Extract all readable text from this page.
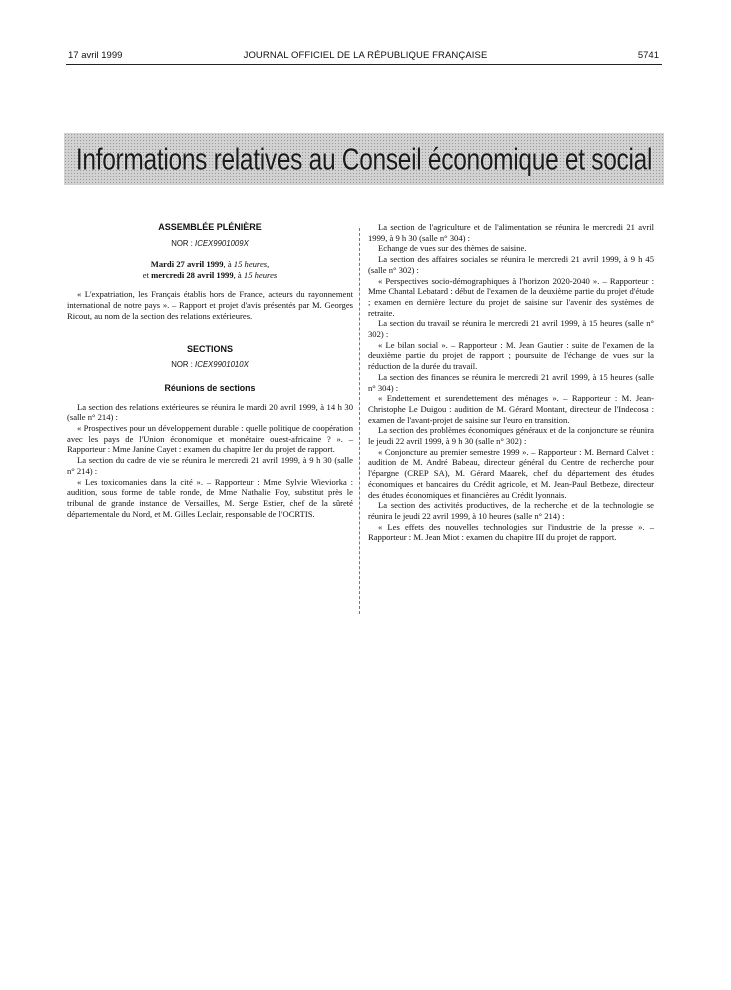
17 avril 1999	JOURNAL OFFICIEL DE LA RÉPUBLIQUE FRANÇAISE	5741
Informations relatives au Conseil économique et social
ASSEMBLÉE PLÉNIÈRE
NOR : ICEX9901009X
Mardi 27 avril 1999, à 15 heures,
et mercredi 28 avril 1999, à 15 heures

« L'expatriation, les Français établis hors de France, acteurs du rayonnement international de notre pays ». – Rapport et projet d'avis présentés par M. Georges Ricout, au nom de la section des relations extérieures.

SECTIONS
NOR : ICEX9901010X
Réunions de sections

La section des relations extérieures se réunira le mardi 20 avril 1999, à 14 h 30 (salle n° 214) :

« Prospectives pour un développement durable : quelle politique de coopération avec les pays de l'Union économique et monétaire ouest-africaine ? ». – Rapporteur : Mme Janine Cayet : examen du chapitre Ier du projet de rapport.

La section du cadre de vie se réunira le mercredi 21 avril 1999, à 9 h 30 (salle n° 214) :

« Les toxicomanies dans la cité ». – Rapporteur : Mme Sylvie Wieviorka : audition, sous forme de table ronde, de Mme Nathalie Foy, substitut près le tribunal de grande instance de Versailles, M. Serge Estier, chef de la sûreté départementale du Nord, et M. Gilles Leclair, responsable de l'OCRTIS.

La section de l'agriculture et de l'alimentation se réunira le mercredi 21 avril 1999, à 9 h 30 (salle n° 304) :

Echange de vues sur des thèmes de saisine.

La section des affaires sociales se réunira le mercredi 21 avril 1999, à 9 h 45 (salle n° 302) :

« Perspectives socio-démographiques à l'horizon 2020-2040 ». – Rapporteur : Mme Chantal Lebatard : début de l'examen de la deuxième partie du projet d'étude ; examen en dernière lecture du projet de saisine sur l'avenir des systèmes de retraite.

La section du travail se réunira le mercredi 21 avril 1999, à 15 heures (salle n° 302) :

« Le bilan social ». – Rapporteur : M. Jean Gautier : suite de l'examen de la deuxième partie du projet de rapport ; poursuite de l'échange de vues sur la réduction de la durée du travail.

La section des finances se réunira le mercredi 21 avril 1999, à 15 heures (salle n° 304) :

« Endettement et surendettement des ménages ». – Rapporteur : M. Jean-Christophe Le Duigou : audition de M. Gérard Montant, directeur de l'Indecosa : examen de l'avant-projet de saisine sur l'euro en transition.

La section des problèmes économiques généraux et de la conjoncture se réunira le jeudi 22 avril 1999, à 9 h 30 (salle n° 302) :

« Conjoncture au premier semestre 1999 ». – Rapporteur : M. Bernard Calvet : audition de M. André Babeau, directeur général du Centre de recherche pour l'épargne (CREP SA), M. Gérard Maarek, chef du département des études économiques et bancaires du Crédit agricole, et M. Jean-Paul Betbeze, directeur des études économiques et financières au Crédit lyonnais.

La section des activités productives, de la recherche et de la technologie se réunira le jeudi 22 avril 1999, à 10 heures (salle n° 214) :

« Les effets des nouvelles technologies sur l'industrie de la presse ». – Rapporteur : M. Jean Miot : examen du chapitre III du projet de rapport.
